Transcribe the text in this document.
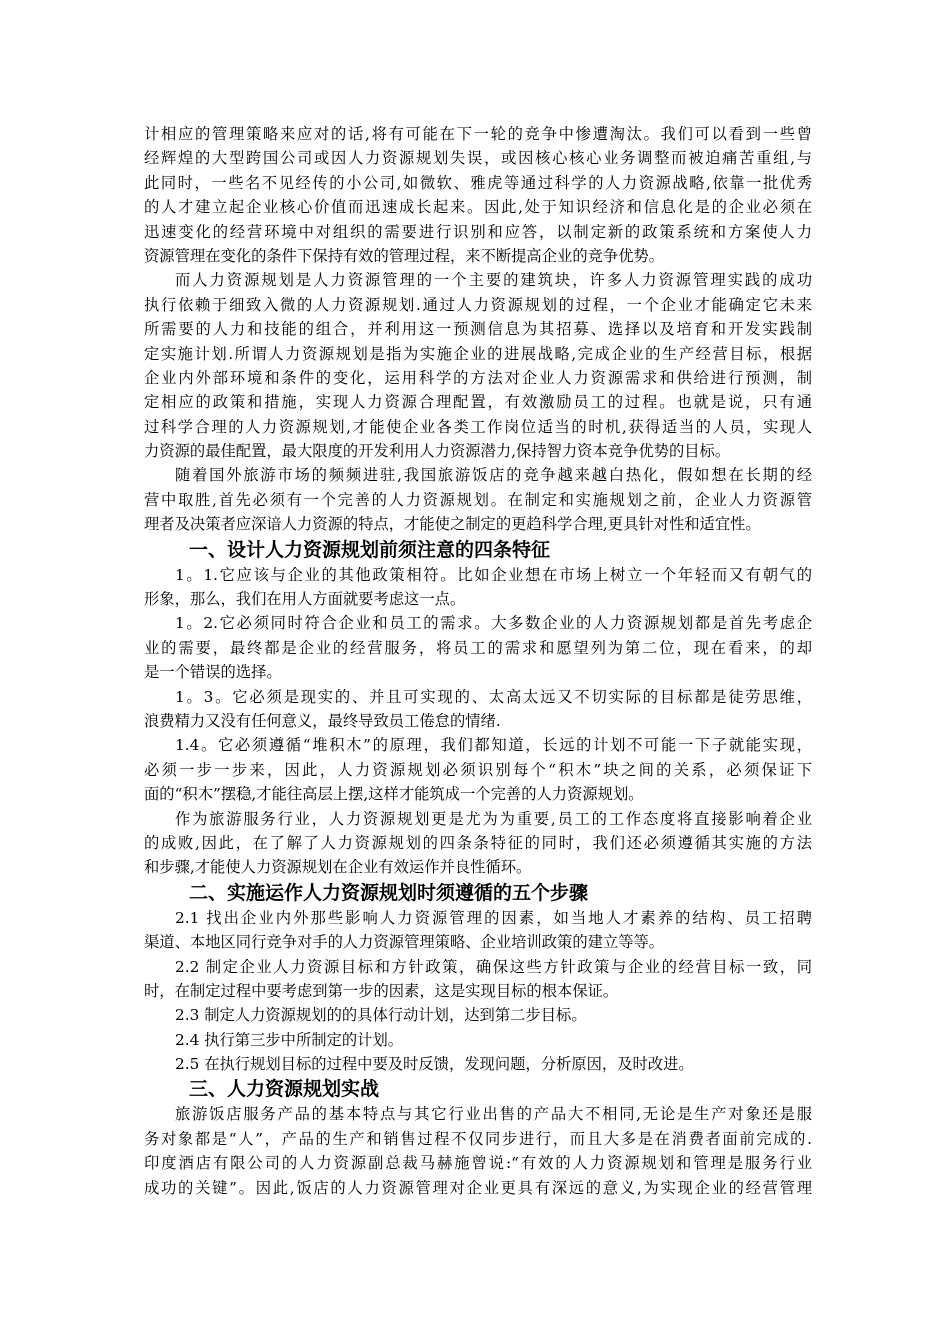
计相应的管理策略来应对的话,将有可能在下一轮的竞争中惨遭淘汰。我们可以看到一些曾
经辉煌的大型跨国公司或因人力资源规划失误，或因核心核心业务调整而被迫痛苦重组,与
此同时，一些名不见经传的小公司,如微软、雅虎等通过科学的人力资源战略,依靠一批优秀
的人才建立起企业核心价值而迅速成长起来。因此,处于知识经济和信息化是的企业必须在
迅速变化的经营环境中对组织的需要进行识别和应答，以制定新的政策系统和方案使人力
资源管理在变化的条件下保持有效的管理过程，来不断提高企业的竞争优势。
而人力资源规划是人力资源管理的一个主要的建筑块，许多人力资源管理实践的成功
执行依赖于细致入微的人力资源规划.通过人力资源规划的过程，一个企业才能确定它未来
所需要的人力和技能的组合，并利用这一预测信息为其招募、选择以及培育和开发实践制
定实施计划.所谓人力资源规划是指为实施企业的进展战略,完成企业的生产经营目标，根据
企业内外部环境和条件的变化，运用科学的方法对企业人力资源需求和供给进行预测，制
定相应的政策和措施，实现人力资源合理配置，有效激励员工的过程。也就是说，只有通
过科学合理的人力资源规划,才能使企业各类工作岗位适当的时机,获得适当的人员，实现人
力资源的最佳配置，最大限度的开发利用人力资源潜力,保持智力资本竞争优势的目标。
随着国外旅游市场的频频进驻,我国旅游饭店的竞争越来越白热化，假如想在长期的经
营中取胜,首先必须有一个完善的人力资源规划。在制定和实施规划之前，企业人力资源管
理者及决策者应深谙人力资源的特点，才能使之制定的更趋科学合理,更具针对性和适宜性。
一、设计人力资源规划前须注意的四条特征
1。1.它应该与企业的其他政策相符。比如企业想在市场上树立一个年轻而又有朝气的
形象，那么，我们在用人方面就要考虑这一点。
1。2.它必须同时符合企业和员工的需求。大多数企业的人力资源规划都是首先考虑企
业的需要，最终都是企业的经营服务，将员工的需求和愿望列为第二位，现在看来，的却
是一个错误的选择。
1。3。它必须是现实的、并且可实现的、太高太远又不切实际的目标都是徒劳思维，
浪费精力又没有任何意义，最终导致员工倦怠的情绪.
1.4。它必须遵循“堆积木”的原理，我们都知道，长远的计划不可能一下子就能实现，
必须一步一步来，因此，人力资源规划必须识别每个“积木”块之间的关系，必须保证下
面的“积木”摆稳,才能往高层上摆,这样才能筑成一个完善的人力资源规划。
作为旅游服务行业，人力资源规划更是尤为为重要,员工的工作态度将直接影响着企业
的成败,因此，在了解了人力资源规划的四条条特征的同时，我们还必须遵循其实施的方法
和步骤,才能使人力资源规划在企业有效运作并良性循环。
二、实施运作人力资源规划时须遵循的五个步骤
2.1 找出企业内外那些影响人力资源管理的因素，如当地人才素养的结构、员工招聘
渠道、本地区同行竞争对手的人力资源管理策略、企业培训政策的建立等等。
2.2 制定企业人力资源目标和方针政策，确保这些方针政策与企业的经营目标一致，同
时，在制定过程中要考虑到第一步的因素，这是实现目标的根本保证。
2.3 制定人力资源规划的的具体行动计划，达到第二步目标。
2.4 执行第三步中所制定的计划。
2.5 在执行规划目标的过程中要及时反馈，发现问题，分析原因，及时改进。
三、人力资源规划实战
旅游饭店服务产品的基本特点与其它行业出售的产品大不相同,无论是生产对象还是服
务对象都是“人”，产品的生产和销售过程不仅同步进行，而且大多是在消费者面前完成的.
印度酒店有限公司的人力资源副总裁马赫施曾说:“有效的人力资源规划和管理是服务行业
成功的关键”。因此,饭店的人力资源管理对企业更具有深远的意义,为实现企业的经营管理
